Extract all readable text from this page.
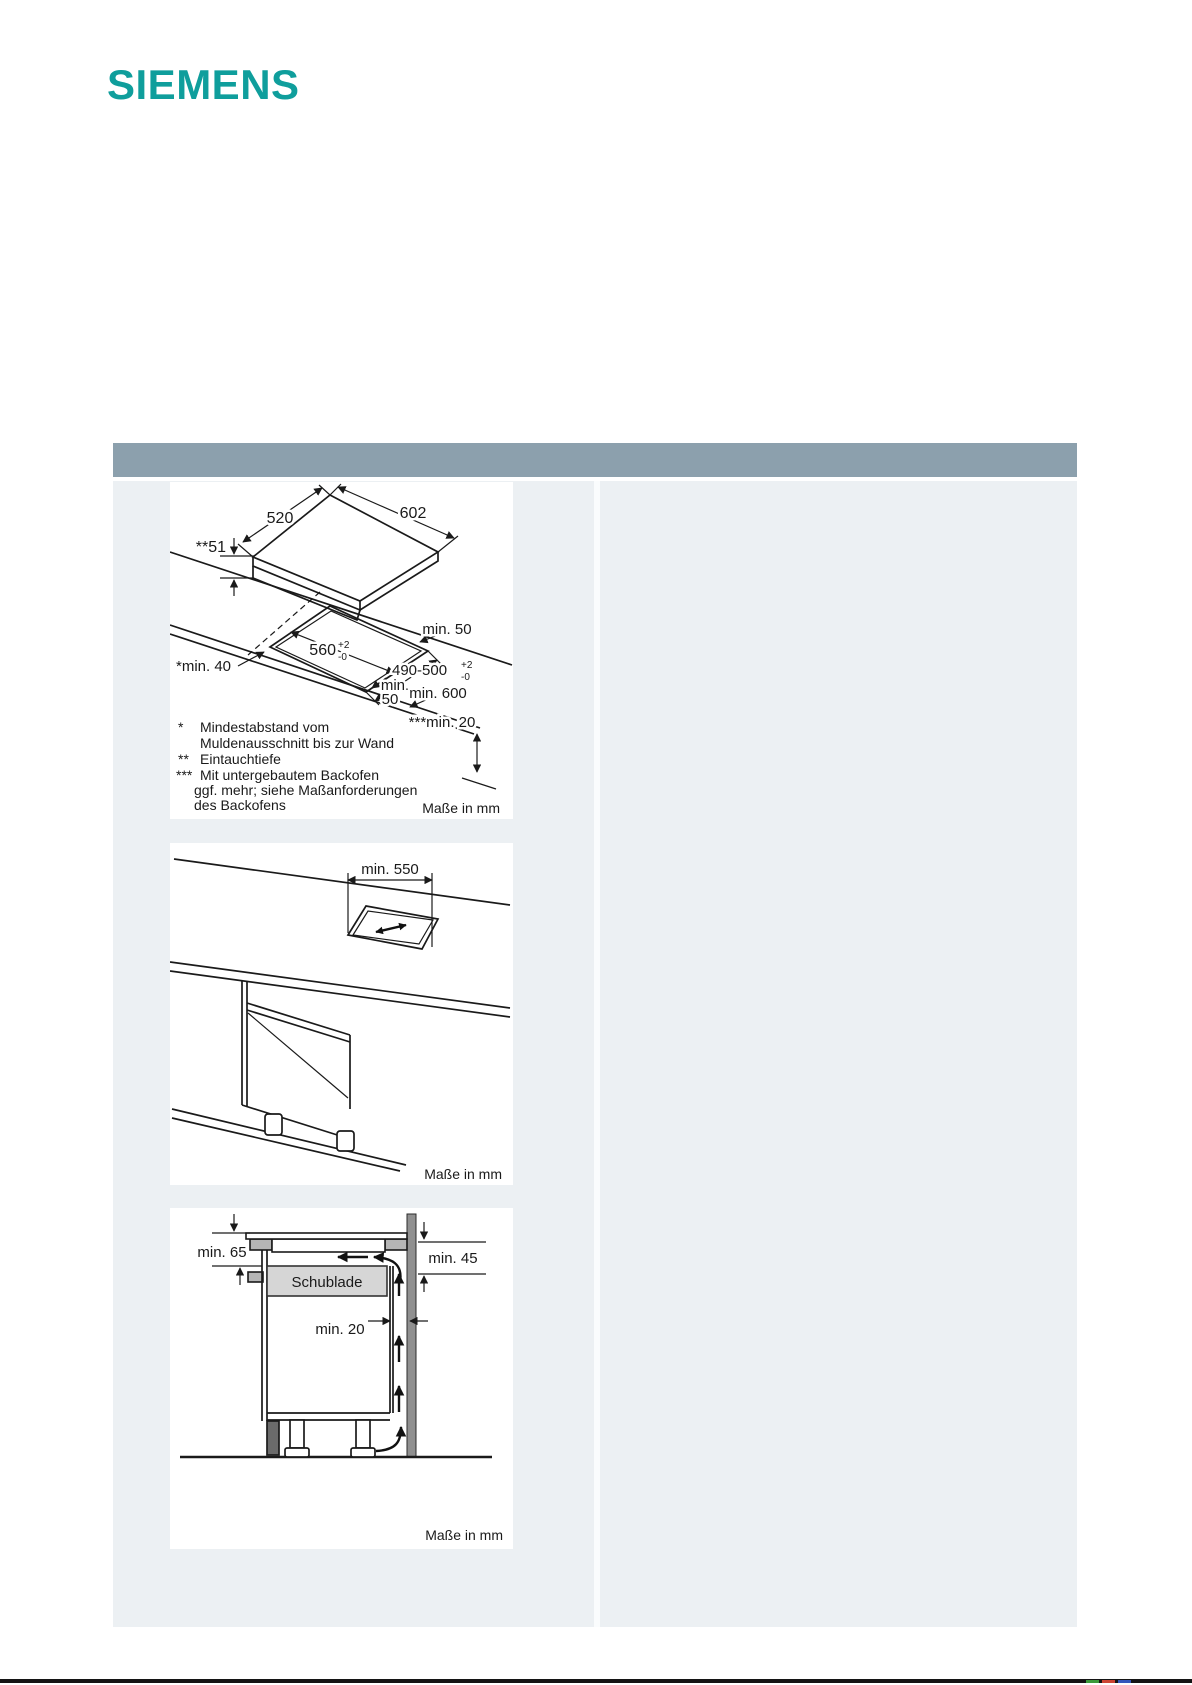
SIEMENS
602
520
**51
min. 50
560 +2
-0
*min. 40	490-500 +2
-0
min.
50 min. 600
***min. 20
* Mindestabstand vom
Muldenausschnitt bis zur Wand
** Eintauchtiefe
*** Mit untergebautem Backofen
ggf. mehr; siehe Maßanforderungen
des Backofens	Maße in mm
min. 550
Maße in mm
Schublade
min. 65	min. 45
min. 20
Maße in mm
